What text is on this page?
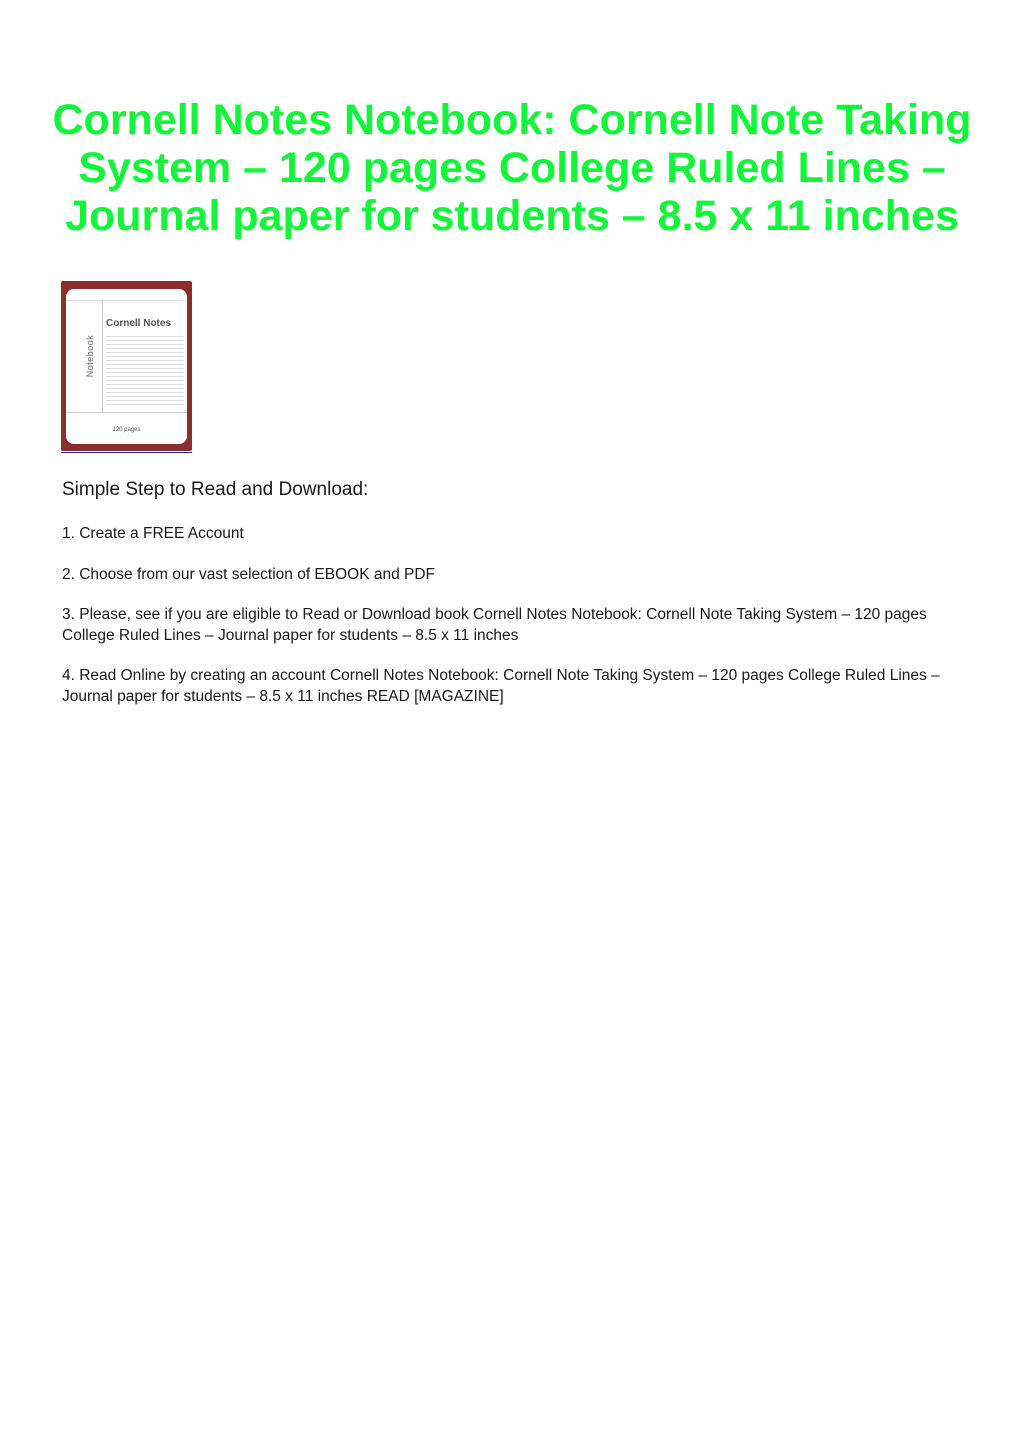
Cornell Notes Notebook: Cornell Note Taking System – 120 pages College Ruled Lines – Journal paper for students – 8.5 x 11 inches
Cornell Notes
Notebook
120 pages
Simple Step to Read and Download:
1. Create a FREE Account
2. Choose from our vast selection of EBOOK and PDF
3. Please, see if you are eligible to Read or Download book Cornell Notes Notebook: Cornell Note Taking System – 120 pages College Ruled Lines – Journal paper for students – 8.5 x 11 inches
4. Read Online by creating an account Cornell Notes Notebook: Cornell Note Taking System – 120 pages College Ruled Lines – Journal paper for students – 8.5 x 11 inches READ [MAGAZINE]
